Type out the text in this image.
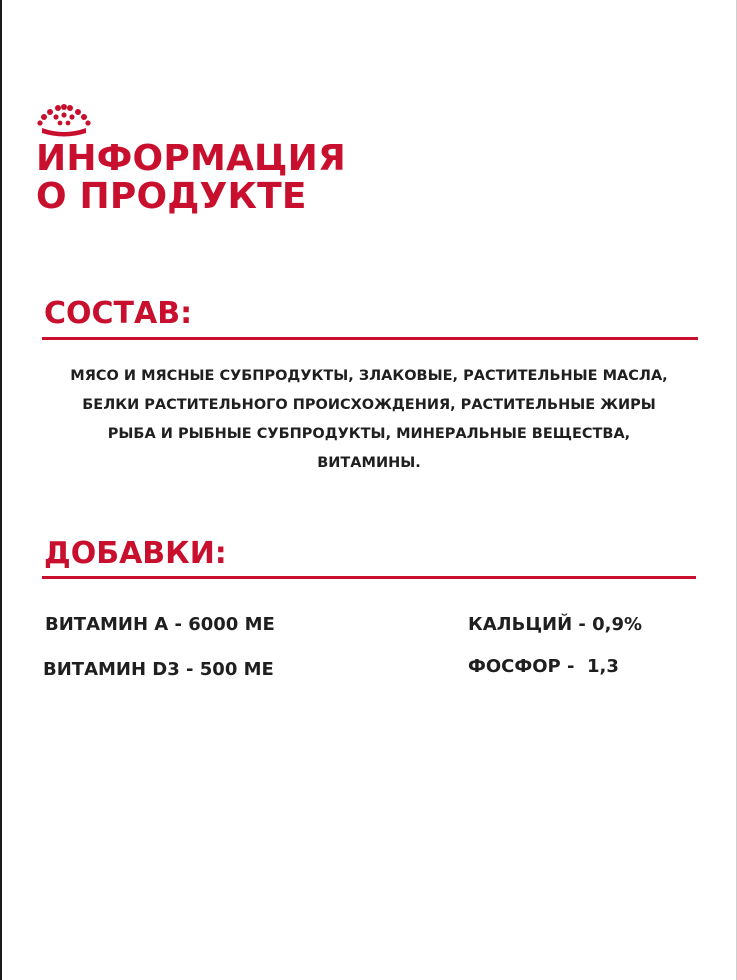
ИНФОРМАЦИЯ
О ПРОДУКТЕ
СОСТАВ:
МЯСО И МЯСНЫЕ СУБПРОДУКТЫ, ЗЛАКОВЫЕ, РАСТИТЕЛЬНЫЕ МАСЛА,
БЕЛКИ РАСТИТЕЛЬНОГО ПРОИСХОЖДЕНИЯ, РАСТИТЕЛЬНЫЕ ЖИРЫ
РЫБА И РЫБНЫЕ СУБПРОДУКТЫ, МИНЕРАЛЬНЫЕ ВЕЩЕСТВА,
ВИТАМИНЫ.
ДОБАВКИ:
ВИТАМИН А - 6000 МЕ
ВИТАМИН D3 - 500 МЕ
КАЛЬЦИЙ - 0,9%
ФОСФОР -  1,3
